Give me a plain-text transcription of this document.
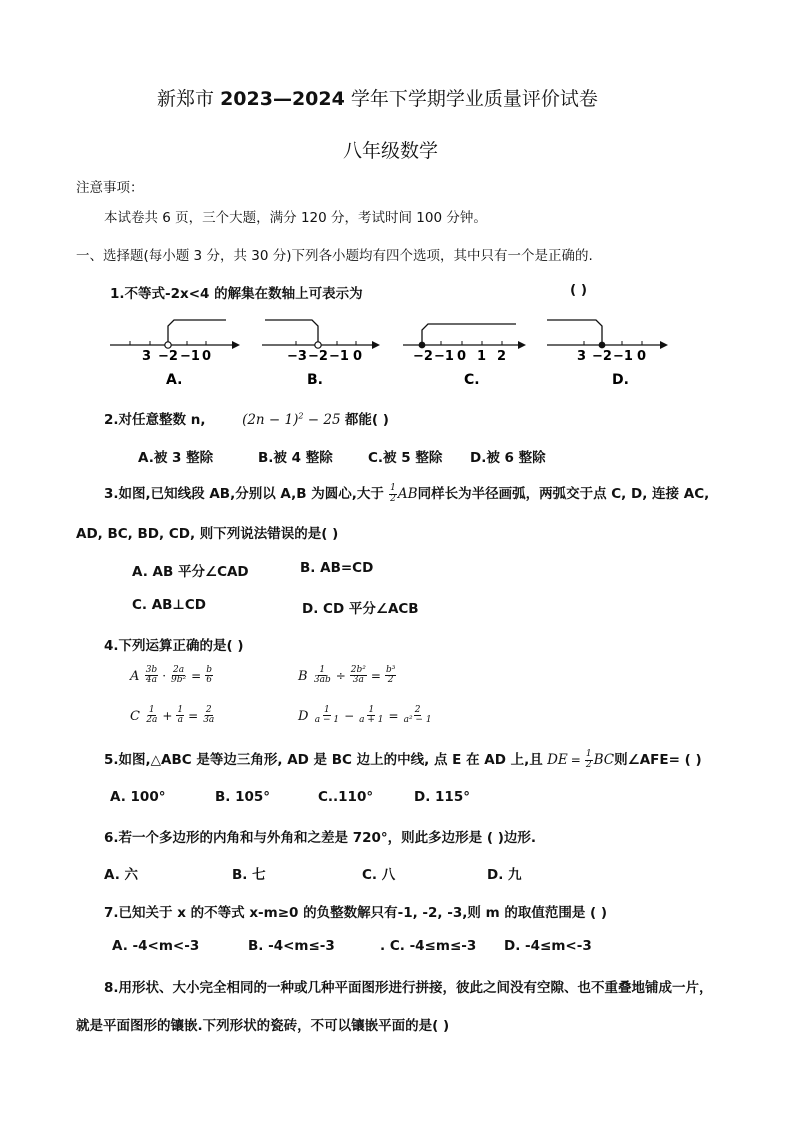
新郑市 2023—2024 学年下学期学业质量评价试卷
八年级数学
注意事项：
本试卷共 6 页，三个大题，满分 120 分，考试时间 100 分钟。
一、选择题(每小题 3 分，共 30 分)下列各小题均有四个选项，其中只有一个是正确的.
1.不等式-2x<4 的解集在数轴上可表示为	( )
3 −2 −1 0
A.
−3 −2 −1 0
B.
−2 −1 0 1 2
C.
3 −2 −1 0
D.
2.对任意整数 n,	$(2n - 1)^2 - 25$ 都能( )
A.被 3 整除	B.被 4 整除	C.被 5 整除 D.被 6 整除
3.如图,已知线段 AB,分别以 A,B 为圆心,大于 $\frac{1}{2}$ AB同样长为半径画弧，两弧交于点 C, D, 连接 AC,
AD, BC, BD, CD, 则下列说法错误的是( )
A. AB 平分∠CAD	B. AB=CD
C. AB⊥CD	D. CD 平分∠ACB
4.下列运算正确的是( )
A $\frac{3b}{4a} \cdot \frac{2a}{\text{9b²}} = \frac{b}{6}$	B $\frac{1}{3ab} \div \frac{\text{2b²}}{3a} = \frac{\text{b³}}{2}$
C $\frac{1}{2a} + \frac{1}{a} = \frac{2}{3a}$	D $\frac{1}{a - 1} - \frac{1}{a + 1} = \frac{2}{\text{a² − 1}}$
5.如图,△ABC 是等边三角形, AD 是 BC 边上的中线, 点 E 在 AD 上,且 DE = $\frac{1}{2}$ BC则∠AFE= ( )
A. 100°	B. 105°	C..110°	D. 115°
6.若一个多边形的内角和与外角和之差是 720°，则此多边形是 ( )边形.
A. 六	B. 七	C. 八	D. 九
7.已知关于 x 的不等式 x-m≥0 的负整数解只有-1, -2, -3,则 m 的取值范围是 ( )
A. -4<m<-3	B. -4<m≤-3	. C. -4≤m≤-3 D. -4≤m<-3
8.用形状、大小完全相同的一种或几种平面图形进行拼接，彼此之间没有空隙、也不重叠地铺成一片，
就是平面图形的镶嵌.下列形状的瓷砖，不可以镶嵌平面的是( )
